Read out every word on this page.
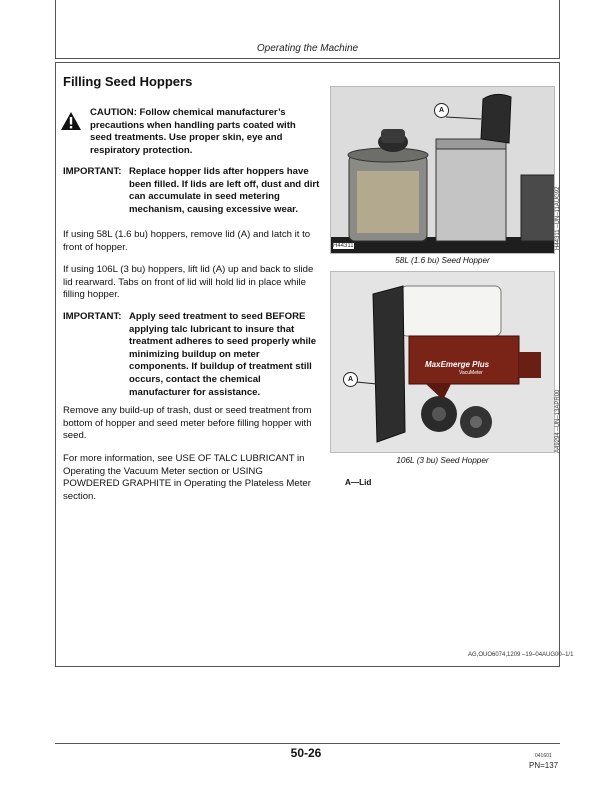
Operating the Machine
Filling Seed Hoppers
CAUTION: Follow chemical manufacturer’s precautions when handling parts coated with seed treatments. Use proper skin, eye and respiratory protection.
IMPORTANT: Replace hopper lids after hoppers have been filled. If lids are left off, dust and dirt can accumulate in seed metering mechanism, causing excessive wear.
If using 58L (1.6 bu) hoppers, remove lid (A) and latch it to front of hopper.
If using 106L (3 bu) hoppers, lift lid (A) up and back to slide lid rearward. Tabs on front of lid will hold lid in place while filling hopper.
IMPORTANT: Apply seed treatment to seed BEFORE applying talc lubricant to insure that treatment adheres to seed properly while minimizing buildup on meter components. If buildup of treatment still occurs, contact the chemical manufacturer for assistance.
Remove any build-up of trash, dust or seed treatment from bottom of hopper and seed meter before filling hopper with seed.
For more information, see USE OF TALC LUBRICANT in Operating the Vacuum Meter section or USING POWDERED GRAPHITE in Operating the Plateless Meter section.
A
H44311	H44311 –UN–11AUG92
58L (1.6 bu) Seed Hopper
A
MaxEmerge Plus
VacuMeter
A49294 –UN–13APR00
106L (3 bu) Seed Hopper
A—Lid
AG,OUO6074,1209 –19–04AUG00–1/1
50-26	041601
PN=137
